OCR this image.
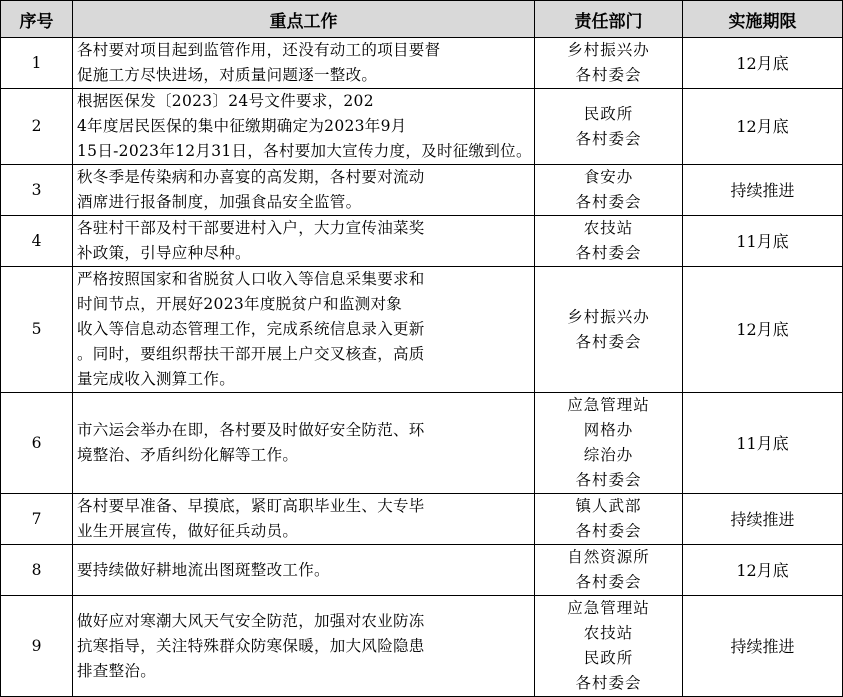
序号	重点工作	责任部门	实施期限
1	各村要对项目起到监管作用，还没有动工的项目要督
促施工方尽快进场，对质量问题逐一整改。	乡村振兴办
各村委会	12月底
2	根据医保发〔2023〕24号文件要求，202
4年度居民医保的集中征缴期确定为2023年9月
15日-2023年12月31日，各村要加大宣传力度，及时征缴到位。	民政所
各村委会	12月底
3	秋冬季是传染病和办喜宴的高发期，各村要对流动
酒席进行报备制度，加强食品安全监管。	食安办
各村委会	持续推进
4	各驻村干部及村干部要进村入户，大力宣传油菜奖
补政策，引导应种尽种。	农技站
各村委会	11月底
5	严格按照国家和省脱贫人口收入等信息采集要求和
时间节点，开展好2023年度脱贫户和监测对象
收入等信息动态管理工作，完成系统信息录入更新
。同时，要组织帮扶干部开展上户交叉核查，高质
量完成收入测算工作。	乡村振兴办
各村委会	12月底
6	市六运会举办在即，各村要及时做好安全防范、环
境整治、矛盾纠纷化解等工作。	应急管理站
网格办
综治办
各村委会	11月底
7	各村要早准备、早摸底，紧盯高职毕业生、大专毕
业生开展宣传，做好征兵动员。	镇人武部
各村委会	持续推进
8	要持续做好耕地流出图斑整改工作。	自然资源所
各村委会	12月底
9	做好应对寒潮大风天气安全防范，加强对农业防冻
抗寒指导，关注特殊群众防寒保暖，加大风险隐患
排查整治。	应急管理站
农技站
民政所
各村委会	持续推进
